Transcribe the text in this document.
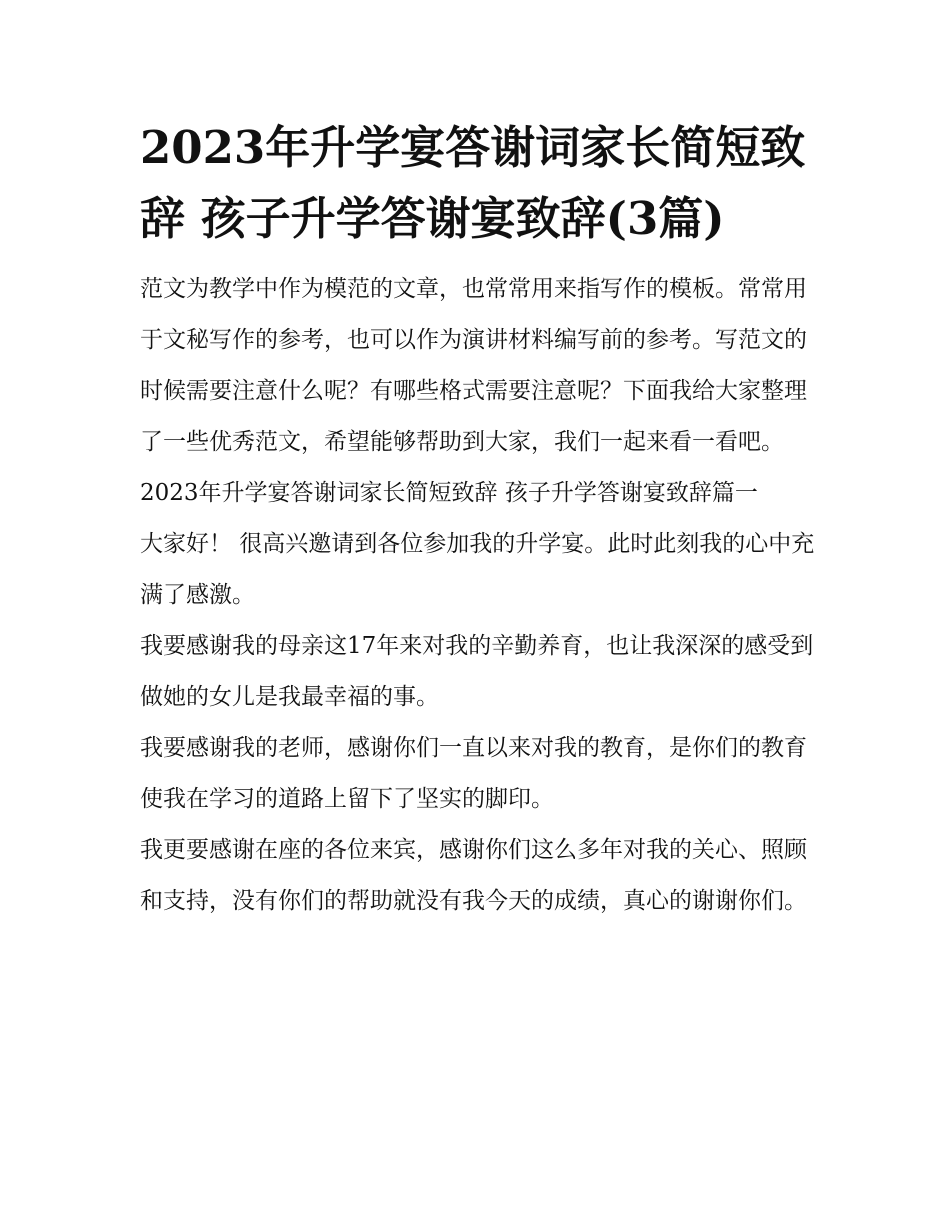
2023年升学宴答谢词家长简短致辞 孩子升学答谢宴致辞(3篇)

范文为教学中作为模范的文章，也常常用来指写作的模板。常常用于文秘写作的参考，也可以作为演讲材料编写前的参考。写范文的时候需要注意什么呢？有哪些格式需要注意呢？下面我给大家整理了一些优秀范文，希望能够帮助到大家，我们一起来看一看吧。

2023年升学宴答谢词家长简短致辞 孩子升学答谢宴致辞篇一

大家好！ 很高兴邀请到各位参加我的升学宴。此时此刻我的心中充满了感激。

我要感谢我的母亲这17年来对我的辛勤养育，也让我深深的感受到做她的女儿是我最幸福的事。

我要感谢我的老师，感谢你们一直以来对我的教育，是你们的教育使我在学习的道路上留下了坚实的脚印。

我更要感谢在座的各位来宾，感谢你们这么多年对我的关心、照顾和支持，没有你们的帮助就没有我今天的成绩，真心的谢谢你们。
